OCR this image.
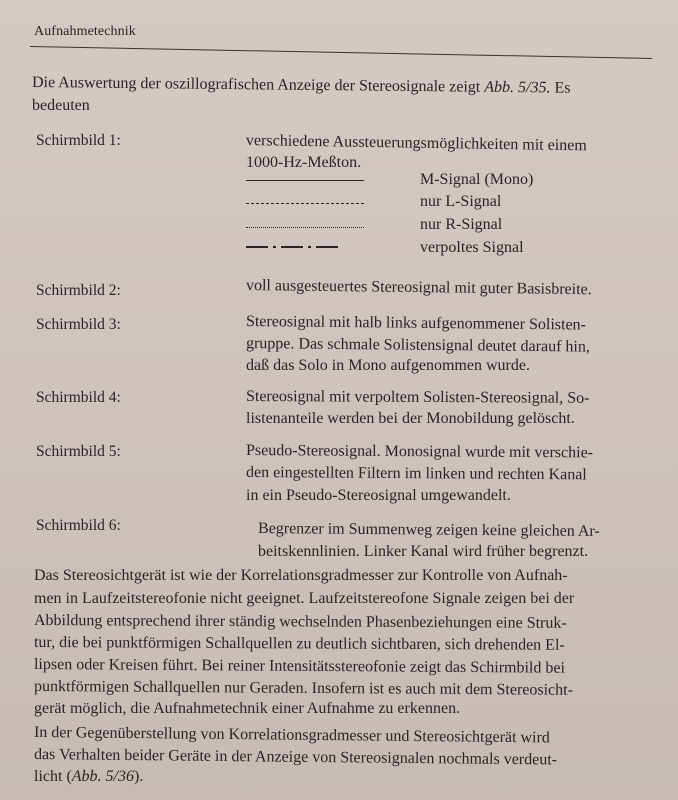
Aufnahmetechnik
Die Auswertung der oszillografischen Anzeige der Stereosignale zeigt Abb. 5/35. Es
bedeuten
Schirmbild 1:	verschiedene Aussteuerungsmöglichkeiten mit einem
1000-Hz-Meßton.
M-Signal (Mono)
nur L-Signal
nur R-Signal
verpoltes Signal
Schirmbild 2:	voll ausgesteuertes Stereosignal mit guter Basisbreite.
Schirmbild 3:	Stereosignal mit halb links aufgenommener Solisten-
gruppe. Das schmale Solistensignal deutet darauf hin,
daß das Solo in Mono aufgenommen wurde.
Schirmbild 4:	Stereosignal mit verpoltem Solisten-Stereosignal, So-
listenanteile werden bei der Monobildung gelöscht.
Schirmbild 5:	Pseudo-Stereosignal. Monosignal wurde mit verschie-
den eingestellten Filtern im linken und rechten Kanal
in ein Pseudo-Stereosignal umgewandelt.
Schirmbild 6:	Begrenzer im Summenweg zeigen keine gleichen Ar-
beitskennlinien. Linker Kanal wird früher begrenzt.
Das Stereosichtgerät ist wie der Korrelationsgradmesser zur Kontrolle von Aufnah-
men in Laufzeitstereofonie nicht geeignet. Laufzeitstereofone Signale zeigen bei der
Abbildung entsprechend ihrer ständig wechselnden Phasenbeziehungen eine Struk-
tur, die bei punktförmigen Schallquellen zu deutlich sichtbaren, sich drehenden El-
lipsen oder Kreisen führt. Bei reiner Intensitätsstereofonie zeigt das Schirmbild bei
punktförmigen Schallquellen nur Geraden. Insofern ist es auch mit dem Stereosicht-
gerät möglich, die Aufnahmetechnik einer Aufnahme zu erkennen.
In der Gegenüberstellung von Korrelationsgradmesser und Stereosichtgerät wird
das Verhalten beider Geräte in der Anzeige von Stereosignalen nochmals verdeut-
licht (Abb. 5/36).
